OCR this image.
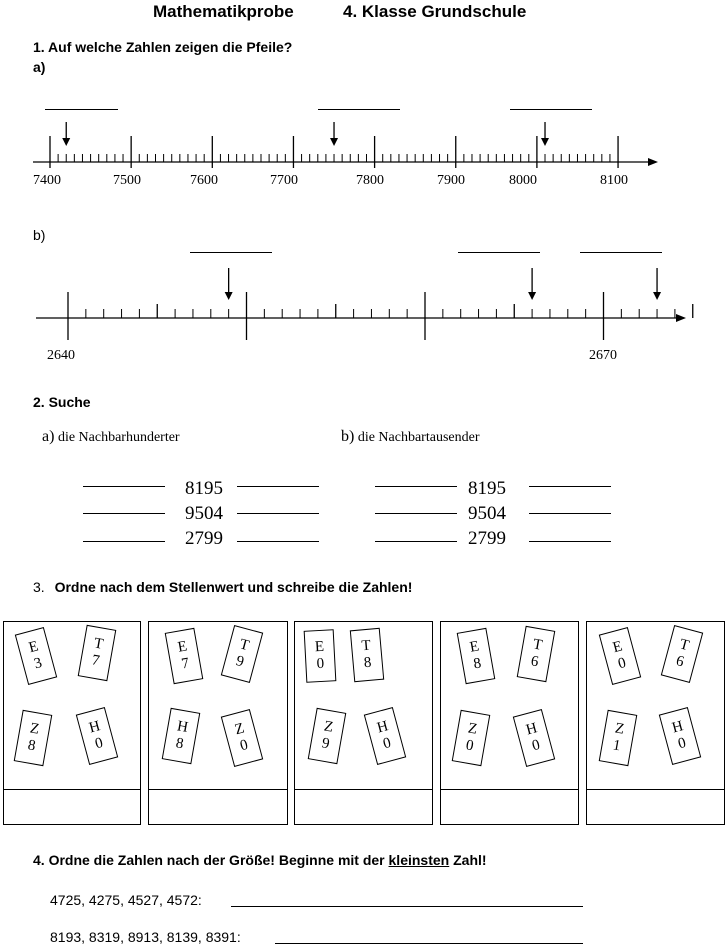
Mathematikprobe	4. Klasse Grundschule
1. Auf welche Zahlen zeigen die Pfeile?
a)
7400	7500	7600	7700	7800	7900	8000	8100
b)
2640	2670
2. Suche
a) die Nachbarhunderter	b) die Nachbartausender
8195
9504
2799
8195
9504
2799
3. Ordne nach dem Stellenwert und schreibe die Zahlen!
E
3
T
7
Z
8
H
0
E
7
T
9
H
8
Z
0
E
0
T
8
Z
9
H
0
E
8
T
6
Z
0
H
0
E
0
T
6
Z
1
H
0
4. Ordne die Zahlen nach der Größe! Beginne mit der kleinsten Zahl!
4725, 4275, 4527, 4572:
8193, 8319, 8913, 8139, 8391:
